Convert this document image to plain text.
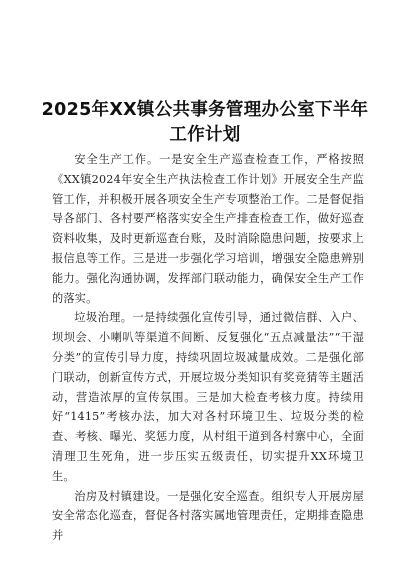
2025年XX镇公共事务管理办公室下半年工作计划

安全生产工作。一是安全生产巡查检查工作，严格按照《XX镇2024年安全生产执法检查工作计划》开展安全生产监管工作，并积极开展各项安全生产专项整治工作。二是督促指导各部门、各村要严格落实安全生产排查检查工作，做好巡查资料收集，及时更新巡查台账，及时消除隐患问题，按要求上报信息等工作。三是进一步强化学习培训，增强安全隐患辨别能力。强化沟通协调，发挥部门联动能力，确保安全生产工作的落实。

垃圾治理。一是持续强化宣传引导，通过微信群、入户、坝坝会、小喇叭等渠道不间断、反复强化“五点减量法”“干湿分类”的宣传引导力度，持续巩固垃圾减量成效。二是强化部门联动，创新宣传方式，开展垃圾分类知识有奖竞猜等主题活动，营造浓厚的宣传氛围。三是加大检查考核力度。持续用好“1415”考核办法，加大对各村环境卫生、垃圾分类的检查、考核、曝光、奖惩力度，从村组干道到各村寨中心，全面清理卫生死角，进一步压实五级责任，切实提升XX环境卫生。

治房及村镇建设。一是强化安全巡查。组织专人开展房屋安全常态化巡查，督促各村落实属地管理责任，定期排查隐患并
